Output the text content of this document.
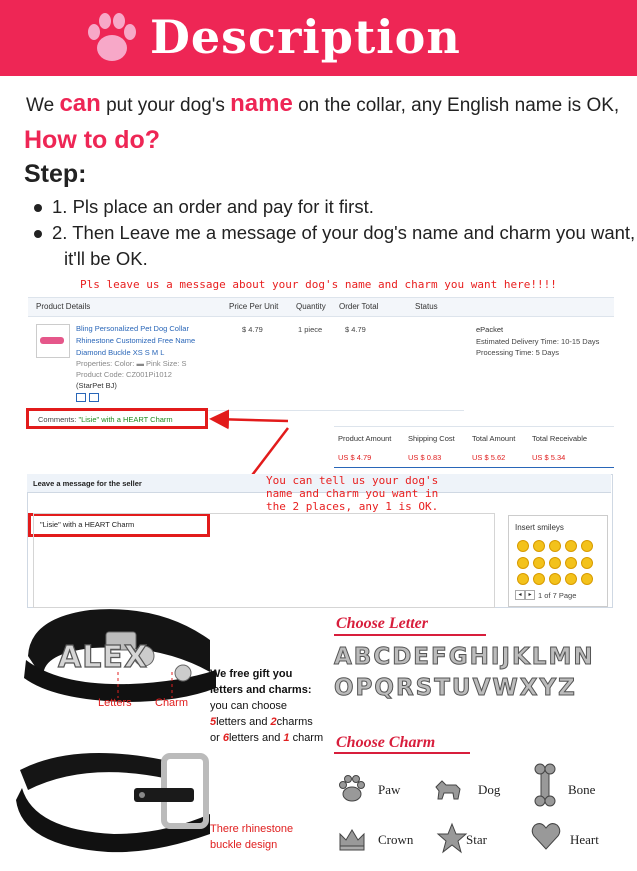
Description
We can put your dog's name on the collar, any English name is OK,
How to do?
Step:
1. Pls place an order and pay for it first.
2. Then Leave me a message of your dog's name and charm you want,
it'll be OK.
Pls leave us a message about your dog's name and charm you want here!!!!
Product Details	Price Per Unit Quantity Order Total	Status
Bling Personalized Pet Dog Collar
Rhinestone Customized Free Name
Diamond Buckle XS S M L
Properties: Color: ▬ Pink Size: S
Product Code: CZ001Pi1012
(StarPet BJ)
$ 4.79	1 piece	$ 4.79	ePacket
Estimated Delivery Time: 10-15 Days
Processing Time: 5 Days
Comments: "Lisie" with a HEART Charm
Product Amount Shipping Cost Total Amount Total Receivable
US $ 4.79	US $ 0.83	US $ 5.62	US $ 5.34
Leave a message for the seller
"Lisie" with a HEART Charm
You can tell us your dog's
name and charm you want in
the 2 places, any 1 is OK.
Insert smileys
◂	▸ 1 of 7 Page
ALEX
Letters Charm
We free gift you
letters and charms:
you can choose
5letters and 2charms
or 6letters and 1 charm
There rhinestone
buckle design
Choose Letter
ABCDEFGHIJKLMN
OPQRSTUVWXYZ
Choose Charm
Paw	Dog	Bone
Crown	Star	Heart
